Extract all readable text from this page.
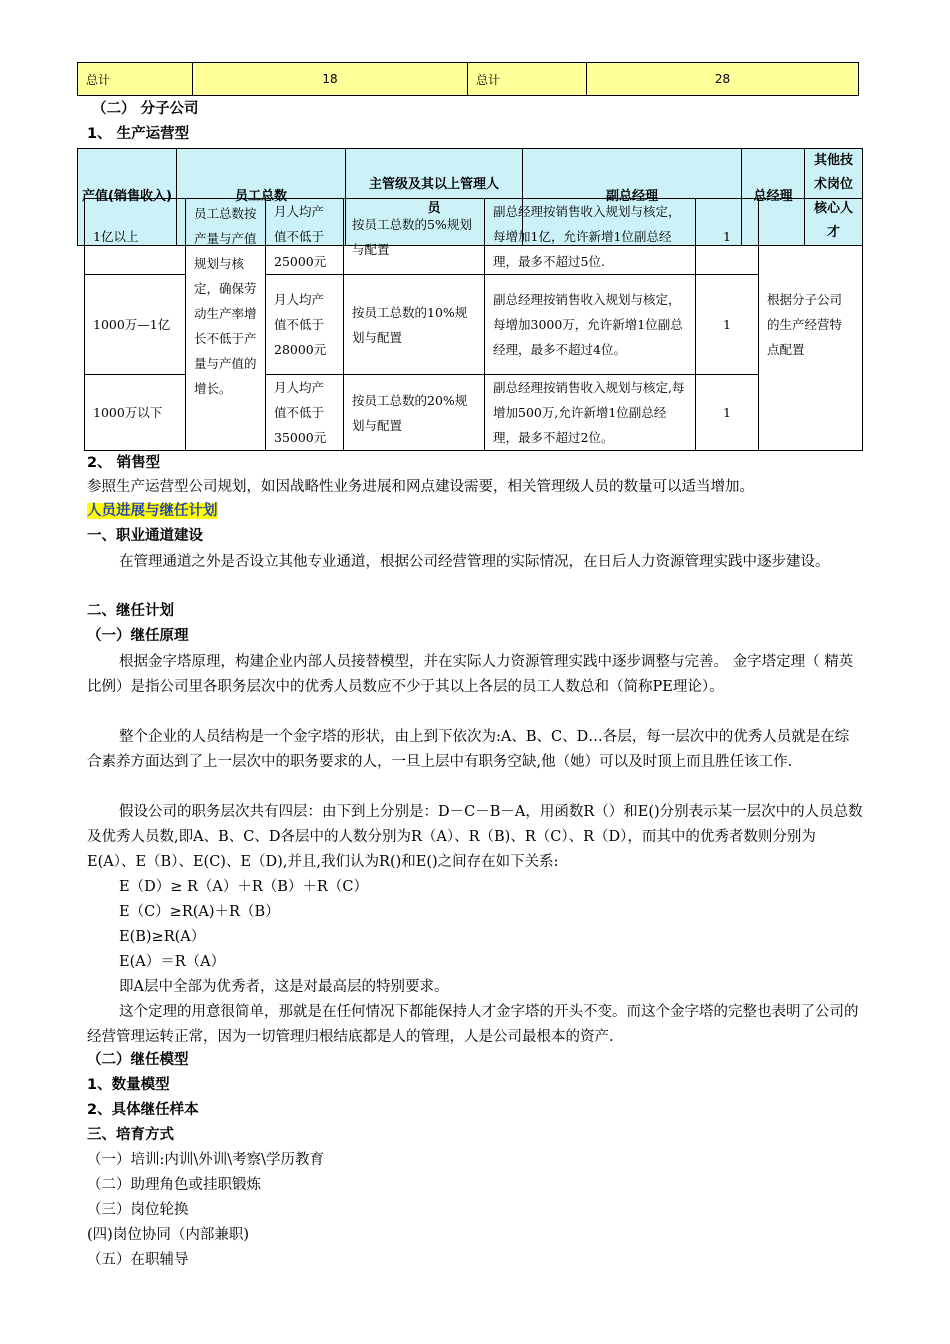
总计	18	总计	28
（二） 分子公司
1、 生产运营型
产值(销售收入)	员工总数	主管级及其以上管理人员	副总经理	总经理	其他技术岗位核心人才
1亿以上	员工总数按产量与产值规划与核定，确保劳动生产率增长不低于产量与产值的增长。	月人均产值不低于25000元	按员工总数的5%规划与配置	副总经理按销售收入规划与核定，每增加1亿，允许新增1位副总经理，最多不超过5位.	1	根据分子公司的生产经营特点配置
1000万—1亿		月人均产值不低于28000元	按员工总数的10%规划与配置	副总经理按销售收入规划与核定，每增加3000万，允许新增1位副总经理，最多不超过4位。	1	
1000万以下		月人均产值不低于35000元	按员工总数的20%规划与配置	副总经理按销售收入规划与核定,每增加500万,允许新增1位副总经理，最多不超过2位。	1	
2、 销售型
参照生产运营型公司规划，如因战略性业务进展和网点建设需要，相关管理级人员的数量可以适当增加。
人员进展与继任计划
一、职业通道建设
在管理通道之外是否设立其他专业通道，根据公司经营管理的实际情况，在日后人力资源管理实践中逐步建设。
二、继任计划
（一）继任原理
根据金字塔原理，构建企业内部人员接替模型，并在实际人力资源管理实践中逐步调整与完善。 金字塔定理（ 精英比例）是指公司里各职务层次中的优秀人员数应不少于其以上各层的员工人数总和（简称PE理论）。
整个企业的人员结构是一个金字塔的形状，由上到下依次为:A、B、C、D…各层，每一层次中的优秀人员就是在综合素养方面达到了上一层次中的职务要求的人，一旦上层中有职务空缺,他（她）可以及时顶上而且胜任该工作.
假设公司的职务层次共有四层：由下到上分别是：D－C－B－A，用函数R（）和E()分别表示某一层次中的人员总数及优秀人员数,即A、B、C、D各层中的人数分别为R（A）、R（B)、R（C）、R（D），而其中的优秀者数则分别为E(A）、E（B）、E(C)、E（D),并且,我们认为R()和E()之间存在如下关系:
E（D）≥ R（A）＋R（B）＋R（C）
E（C）≥R(A)＋R（B）
E(B)≥R(A）
E(A）＝R（A）
即A层中全部为优秀者，这是对最高层的特别要求。
这个定理的用意很简单，那就是在任何情况下都能保持人才金字塔的开头不变。而这个金字塔的完整也表明了公司的经营管理运转正常，因为一切管理归根结底都是人的管理，人是公司最根本的资产.
（二）继任模型
1、数量模型
2、具体继任样本
三、培育方式
（一）培训:内训\外训\考察\学历教育
（二）助理角色或挂职锻炼
（三）岗位轮换
(四)岗位协同（内部兼职)
（五）在职辅导
